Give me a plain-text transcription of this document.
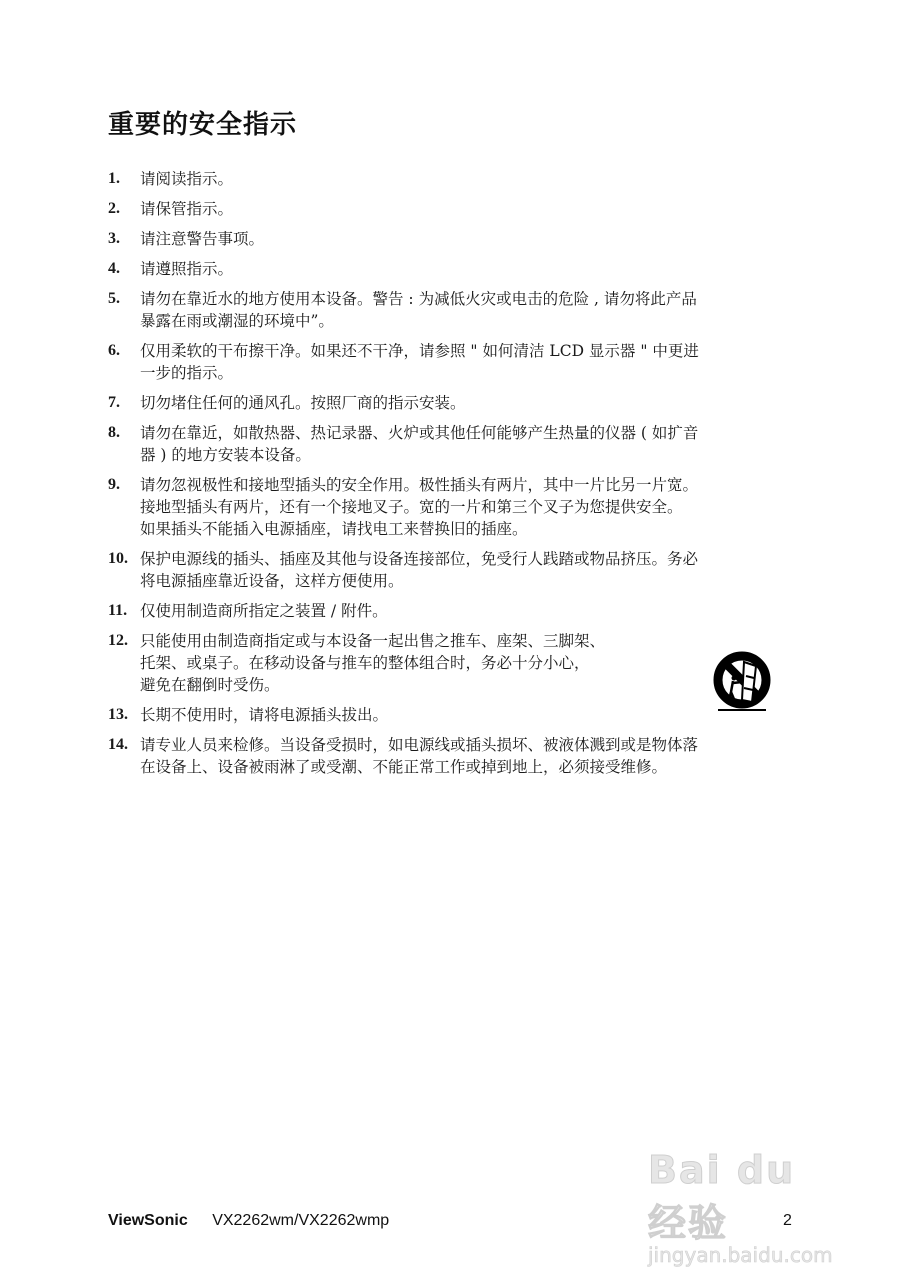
重要的安全指示
1.	请阅读指示。
2.	请保管指示。
3.	请注意警告事项。
4.	请遵照指示。
5.	请勿在靠近水的地方使用本设备。警告 : 为减低火灾或电击的危险 , 请勿将此产品
暴露在雨或潮湿的环境中”。
6.	仅用柔软的干布擦干净。如果还不干净，请参照 " 如何清洁 LCD 显示器 " 中更进
一步的指示。
7.	切勿堵住任何的通风孔。按照厂商的指示安装。
8.	请勿在靠近，如散热器、热记录器、火炉或其他任何能够产生热量的仪器 ( 如扩音
器 ) 的地方安装本设备。
9.	请勿忽视极性和接地型插头的安全作用。极性插头有两片，其中一片比另一片宽。
接地型插头有两片，还有一个接地叉子。宽的一片和第三个叉子为您提供安全。
如果插头不能插入电源插座，请找电工来替换旧的插座。
10. 保护电源线的插头、插座及其他与设备连接部位，免受行人践踏或物品挤压。务必
将电源插座靠近设备，这样方便使用。
11. 仅使用制造商所指定之装置 / 附件。
12. 只能使用由制造商指定或与本设备一起出售之推车、座架、三脚架、
托架、或桌子。在移动设备与推车的整体组合时，务必十分小心，
避免在翻倒时受伤。
13. 长期不使用时，请将电源插头拔出。
14. 请专业人员来检修。当设备受损时，如电源线或插头损坏、被液体溅到或是物体落
在设备上、设备被雨淋了或受潮、不能正常工作或掉到地上，必须接受维修。
ViewSonic VX2262wm/VX2262wmp
Bai du 经验
jingyan.baidu.com
2
